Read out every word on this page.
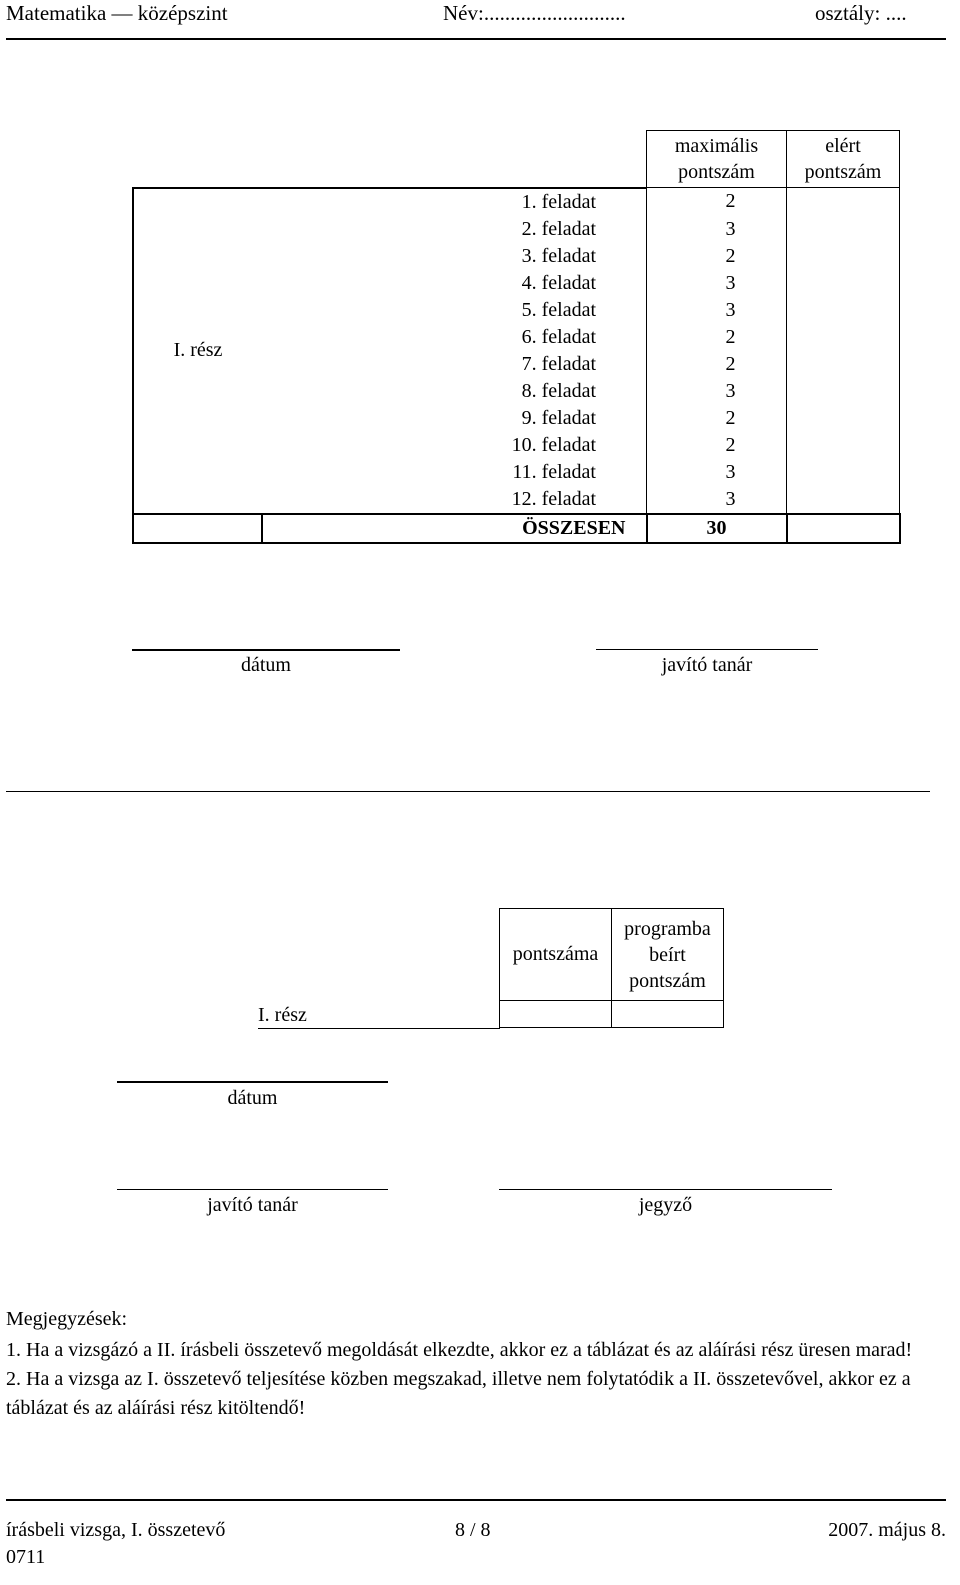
Matematika — középszint	Név:...........................	osztály: ....
		maximális pontszám	elért pontszám
I. rész	1. feladat	2	
	2. feladat	3	
	3. feladat	2	
	4. feladat	3	
	5. feladat	3	
	6. feladat	2	
	7. feladat	2	
	8. feladat	3	
	9. feladat	2	
	10. feladat	2	
	11. feladat	3	
	12. feladat	3	
	ÖSSZESEN	30	
dátum	javító tanár
I. rész
pontszáma	programba beírt pontszám

dátum
javító tanár	jegyző

Megjegyzések:

1. Ha a vizsgázó a II. írásbeli összetevő megoldását elkezdte, akkor ez a táblázat és az aláírási rész üresen marad!

2. Ha a vizsga az I. összetevő teljesítése közben megszakad, illetve nem folytatódik a II. összetevővel, akkor ez a táblázat és az aláírási rész kitöltendő!

írásbeli vizsga, I. összetevő
0711
8 / 8	2007. május 8.
